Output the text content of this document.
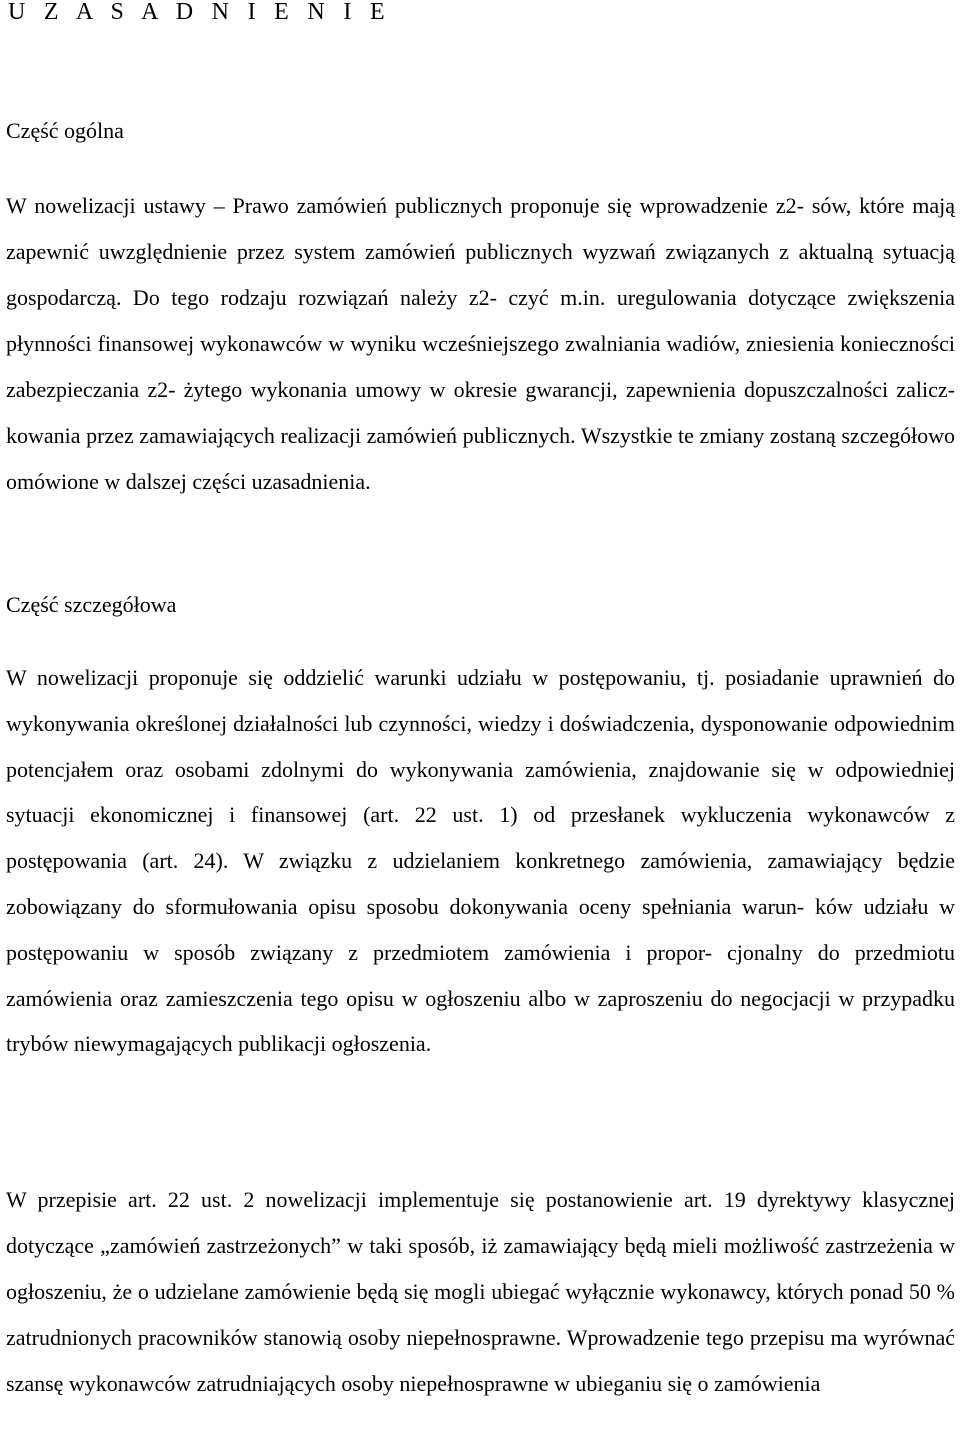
U Z A S A D N I E N I E
Część ogólna

W nowelizacji ustawy – Prawo zamówień publicznych proponuje się wprowadzenie z2- sów, które mają zapewnić uwzględnienie przez system zamówień publicznych wyzwań związanych z aktualną sytuacją gospodarczą. Do tego rodzaju rozwiązań należy z2- czyć m.in. uregulowania dotyczące zwiększenia płynności finansowej wykonawców w wyniku wcześniejszego zwalniania wadiów, zniesienia konieczności zabezpieczania z2- żytego wykonania umowy w okresie gwarancji, zapewnienia dopuszczalności zalicz- kowania przez zamawiających realizacji zamówień publicznych. Wszystkie te zmiany zostaną szczegółowo omówione w dalszej części uzasadnienia.

Część szczegółowa

W nowelizacji proponuje się oddzielić warunki udziału w postępowaniu, tj. posiadanie uprawnień do wykonywania określonej działalności lub czynności, wiedzy i doświadczenia, dysponowanie odpowiednim potencjałem oraz osobami zdolnymi do wykonywania zamówienia, znajdowanie się w odpowiedniej sytuacji ekonomicznej i finansowej (art. 22 ust. 1) od przesłanek wykluczenia wykonawców z postępowania (art. 24). W związku z udzielaniem konkretnego zamówienia, zamawiający będzie zobowiązany do sformułowania opisu sposobu dokonywania oceny spełniania warun- ków udziału w postępowaniu w sposób związany z przedmiotem zamówienia i propor- cjonalny do przedmiotu zamówienia oraz zamieszczenia tego opisu w ogłoszeniu albo w zaproszeniu do negocjacji w przypadku trybów niewymagających publikacji ogłoszenia.

W przepisie art. 22 ust. 2 nowelizacji implementuje się postanowienie art. 19 dyrektywy klasycznej dotyczące „zamówień zastrzeżonych” w taki sposób, iż zamawiający będą mieli możliwość zastrzeżenia w ogłoszeniu, że o udzielane zamówienie będą się mogli ubiegać wyłącznie wykonawcy, których ponad 50 % zatrudnionych pracowników stanowią osoby niepełnosprawne. Wprowadzenie tego przepisu ma wyrównać szansę wykonawców zatrudniających osoby niepełnosprawne w ubieganiu się o zamówienia
